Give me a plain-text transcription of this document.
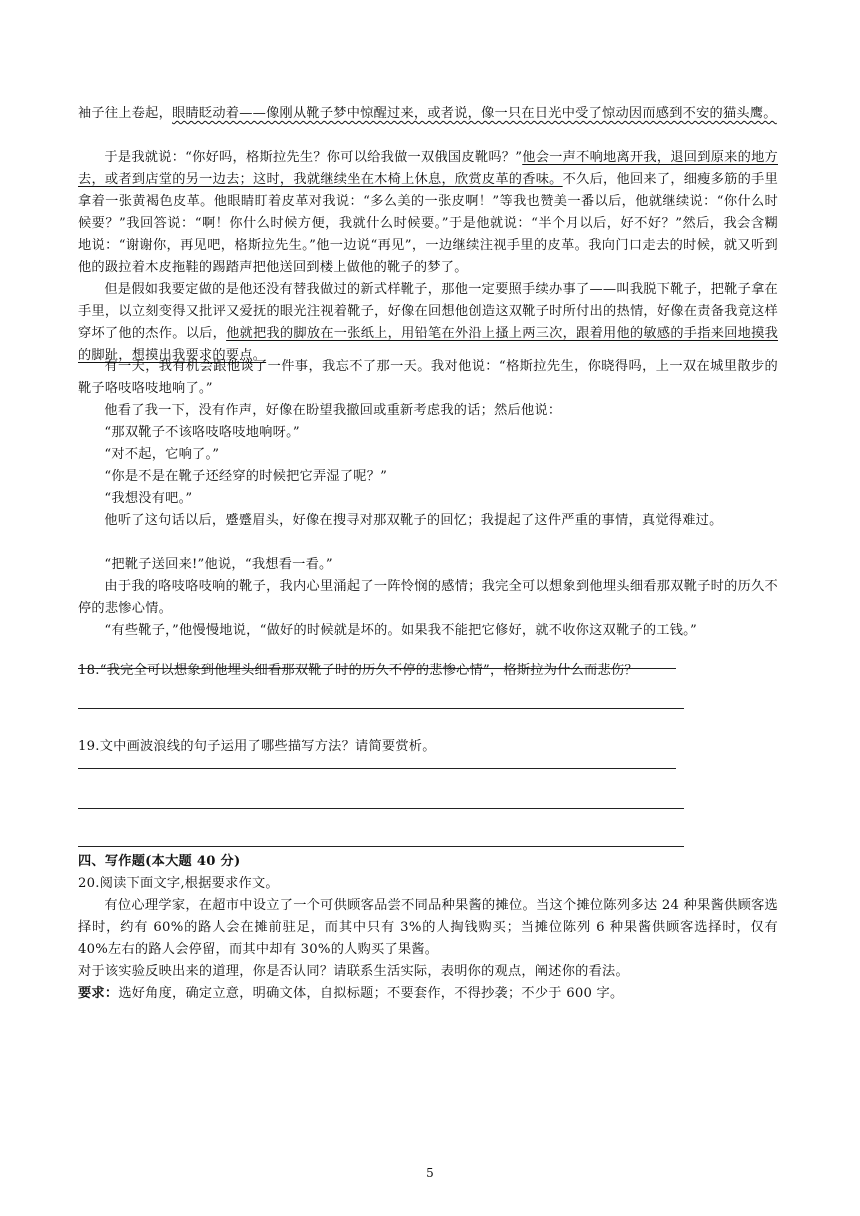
袖子往上卷起，眼睛眨动着——像刚从靴子梦中惊醒过来，或者说，像一只在日光中受了惊动因而感到不安的猫头鹰。

于是我就说：“你好吗，格斯拉先生？你可以给我做一双俄国皮靴吗？”他会一声不响地离开我，退回到原来的地方去，或者到店堂的另一边去；这时，我就继续坐在木椅上休息，欣赏皮革的香味。不久后，他回来了，细瘦多筋的手里拿着一张黄褐色皮革。他眼睛盯着皮革对我说：“多么美的一张皮啊！”等我也赞美一番以后，他就继续说：“你什么时候要？”我回答说：“啊！你什么时候方便，我就什么时候要。”于是他就说：“半个月以后，好不好？”然后，我会含糊地说：“谢谢你，再见吧，格斯拉先生。”他一边说“再见”，一边继续注视手里的皮革。我向门口走去的时候，就又听到他的趿拉着木皮拖鞋的踢踏声把他送回到楼上做他的靴子的梦了。

但是假如我要定做的是他还没有替我做过的新式样靴子，那他一定要照手续办事了——叫我脱下靴子，把靴子拿在手里，以立刻变得又批评又爱抚的眼光注视着靴子，好像在回想他创造这双靴子时所付出的热情，好像在责备我竟这样穿坏了他的杰作。以后，他就把我的脚放在一张纸上，用铅笔在外沿上搔上两三次，跟着用他的敏感的手指来回地摸我的脚趾，想摸出我要求的要点。

有一天，我有机会跟他谈了一件事，我忘不了那一天。我对他说：“格斯拉先生，你晓得吗，上一双在城里散步的靴子咯吱咯吱地响了。”

他看了我一下，没有作声，好像在盼望我撤回或重新考虑我的话；然后他说：

“那双靴子不该咯吱咯吱地响呀。”

“对不起，它响了。”

“你是不是在靴子还经穿的时候把它弄湿了呢？”

“我想没有吧。”

他听了这句话以后，蹙蹙眉头，好像在搜寻对那双靴子的回忆；我提起了这件严重的事情，真觉得难过。

“把靴子送回来!”他说，“我想看一看。”

由于我的咯吱咯吱响的靴子，我内心里涌起了一阵怜悯的感情；我完全可以想象到他埋头细看那双靴子时的历久不停的悲惨心情。

“有些靴子，”他慢慢地说，“做好的时候就是坏的。如果我不能把它修好，就不收你这双靴子的工钱。”

18.“我完全可以想象到他埋头细看那双靴子时的历久不停的悲惨心情”，格斯拉为什么而悲伤？

19.文中画波浪线的句子运用了哪些描写方法？请简要赏析。

四、写作题(本大题 40 分)

20.阅读下面文字,根据要求作文。

有位心理学家，在超市中设立了一个可供顾客品尝不同品种果酱的摊位。当这个摊位陈列多达 24 种果酱供顾客选择时，约有 60%的路人会在摊前驻足，而其中只有 3%的人掏钱购买；当摊位陈列 6 种果酱供顾客选择时，仅有 40%左右的路人会停留，而其中却有 30%的人购买了果酱。

对于该实验反映出来的道理，你是否认同？请联系生活实际，表明你的观点，阐述你的看法。

要求：选好角度，确定立意，明确文体，自拟标题；不要套作，不得抄袭；不少于 600 字。

5
